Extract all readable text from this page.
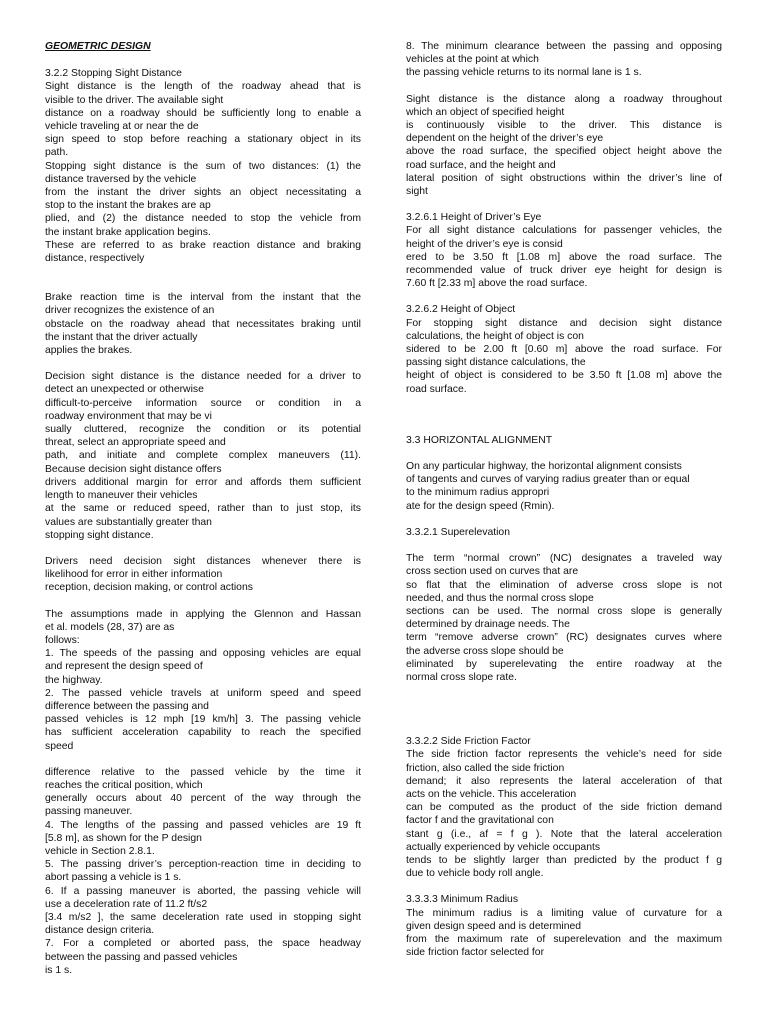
GEOMETRIC DESIGN
3.2.2 Stopping Sight Distance
Sight distance is the length of the roadway ahead that is
visible to the driver. The available sight
distance on a roadway should be sufficiently long to enable a
vehicle traveling at or near the de
sign speed to stop before reaching a stationary object in its
path.
Stopping sight distance is the sum of two distances: (1) the
distance traversed by the vehicle
from the instant the driver sights an object necessitating a
stop to the instant the brakes are ap
plied, and (2) the distance needed to stop the vehicle from
the instant brake application begins.
These are referred to as brake reaction distance and braking
distance, respectively
Brake reaction time is the interval from the instant that the
driver recognizes the existence of an
obstacle on the roadway ahead that necessitates braking until
the instant that the driver actually
applies the brakes.
Decision sight distance is the distance needed for a driver to
detect an unexpected or otherwise
difficult-to-perceive information source or condition in a
roadway environment that may be vi
sually cluttered, recognize the condition or its potential
threat, select an appropriate speed and
path, and initiate and complete complex maneuvers (11).
Because decision sight distance offers
drivers additional margin for error and affords them sufficient
length to maneuver their vehicles
at the same or reduced speed, rather than to just stop, its
values are substantially greater than
stopping sight distance.
Drivers need decision sight distances whenever there is
likelihood for error in either information
reception, decision making, or control actions
The assumptions made in applying the Glennon and Hassan
et al. models (28, 37) are as
follows:
1. The speeds of the passing and opposing vehicles are equal
and represent the design speed of
the highway.
2. The passed vehicle travels at uniform speed and speed
difference between the passing and
passed vehicles is 12 mph [19 km/h] 3. The passing vehicle
has sufficient acceleration capability to reach the specified
speed
difference relative to the passed vehicle by the time it
reaches the critical position, which
generally occurs about 40 percent of the way through the
passing maneuver.
4. The lengths of the passing and passed vehicles are 19 ft
[5.8 m], as shown for the P design
vehicle in Section 2.8.1.
5. The passing driver’s perception-reaction time in deciding to
abort passing a vehicle is 1 s.
6. If a passing maneuver is aborted, the passing vehicle will
use a deceleration rate of 11.2 ft/s2
[3.4 m/s2 ], the same deceleration rate used in stopping sight
distance design criteria.
7. For a completed or aborted pass, the space headway
between the passing and passed vehicles
is 1 s.
8. The minimum clearance between the passing and opposing
vehicles at the point at which
the passing vehicle returns to its normal lane is 1 s.
Sight distance is the distance along a roadway throughout
which an object of specified height
is continuously visible to the driver. This distance is
dependent on the height of the driver’s eye
above the road surface, the specified object height above the
road surface, and the height and
lateral position of sight obstructions within the driver’s line of
sight
3.2.6.1 Height of Driver’s Eye
For all sight distance calculations for passenger vehicles, the
height of the driver’s eye is consid
ered to be 3.50 ft [1.08 m] above the road surface. The
recommended value of truck driver eye height for design is
7.60 ft [2.33 m] above the road surface.
3.2.6.2 Height of Object
For stopping sight distance and decision sight distance
calculations, the height of object is con
sidered to be 2.00 ft [0.60 m] above the road surface. For
passing sight distance calculations, the
height of object is considered to be 3.50 ft [1.08 m] above the
road surface.
3.3 HORIZONTAL ALIGNMENT
On any particular highway, the horizontal alignment consists
of tangents and curves of varying radius greater than or equal
to the minimum radius appropri
ate for the design speed (Rmin).
3.3.2.1 Superelevation
The term “normal crown” (NC) designates a traveled way
cross section used on curves that are
so flat that the elimination of adverse cross slope is not
needed, and thus the normal cross slope
sections can be used. The normal cross slope is generally
determined by drainage needs. The
term “remove adverse crown” (RC) designates curves where
the adverse cross slope should be
eliminated by superelevating the entire roadway at the
normal cross slope rate.
3.3.2.2 Side Friction Factor
The side friction factor represents the vehicle’s need for side
friction, also called the side friction
demand; it also represents the lateral acceleration of that
acts on the vehicle. This acceleration
can be computed as the product of the side friction demand
factor f and the gravitational con
stant g (i.e., af = f g ). Note that the lateral acceleration
actually experienced by vehicle occupants
tends to be slightly larger than predicted by the product f g
due to vehicle body roll angle.
3.3.3.3 Minimum Radius
The minimum radius is a limiting value of curvature for a
given design speed and is determined
from the maximum rate of superelevation and the maximum
side friction factor selected for
